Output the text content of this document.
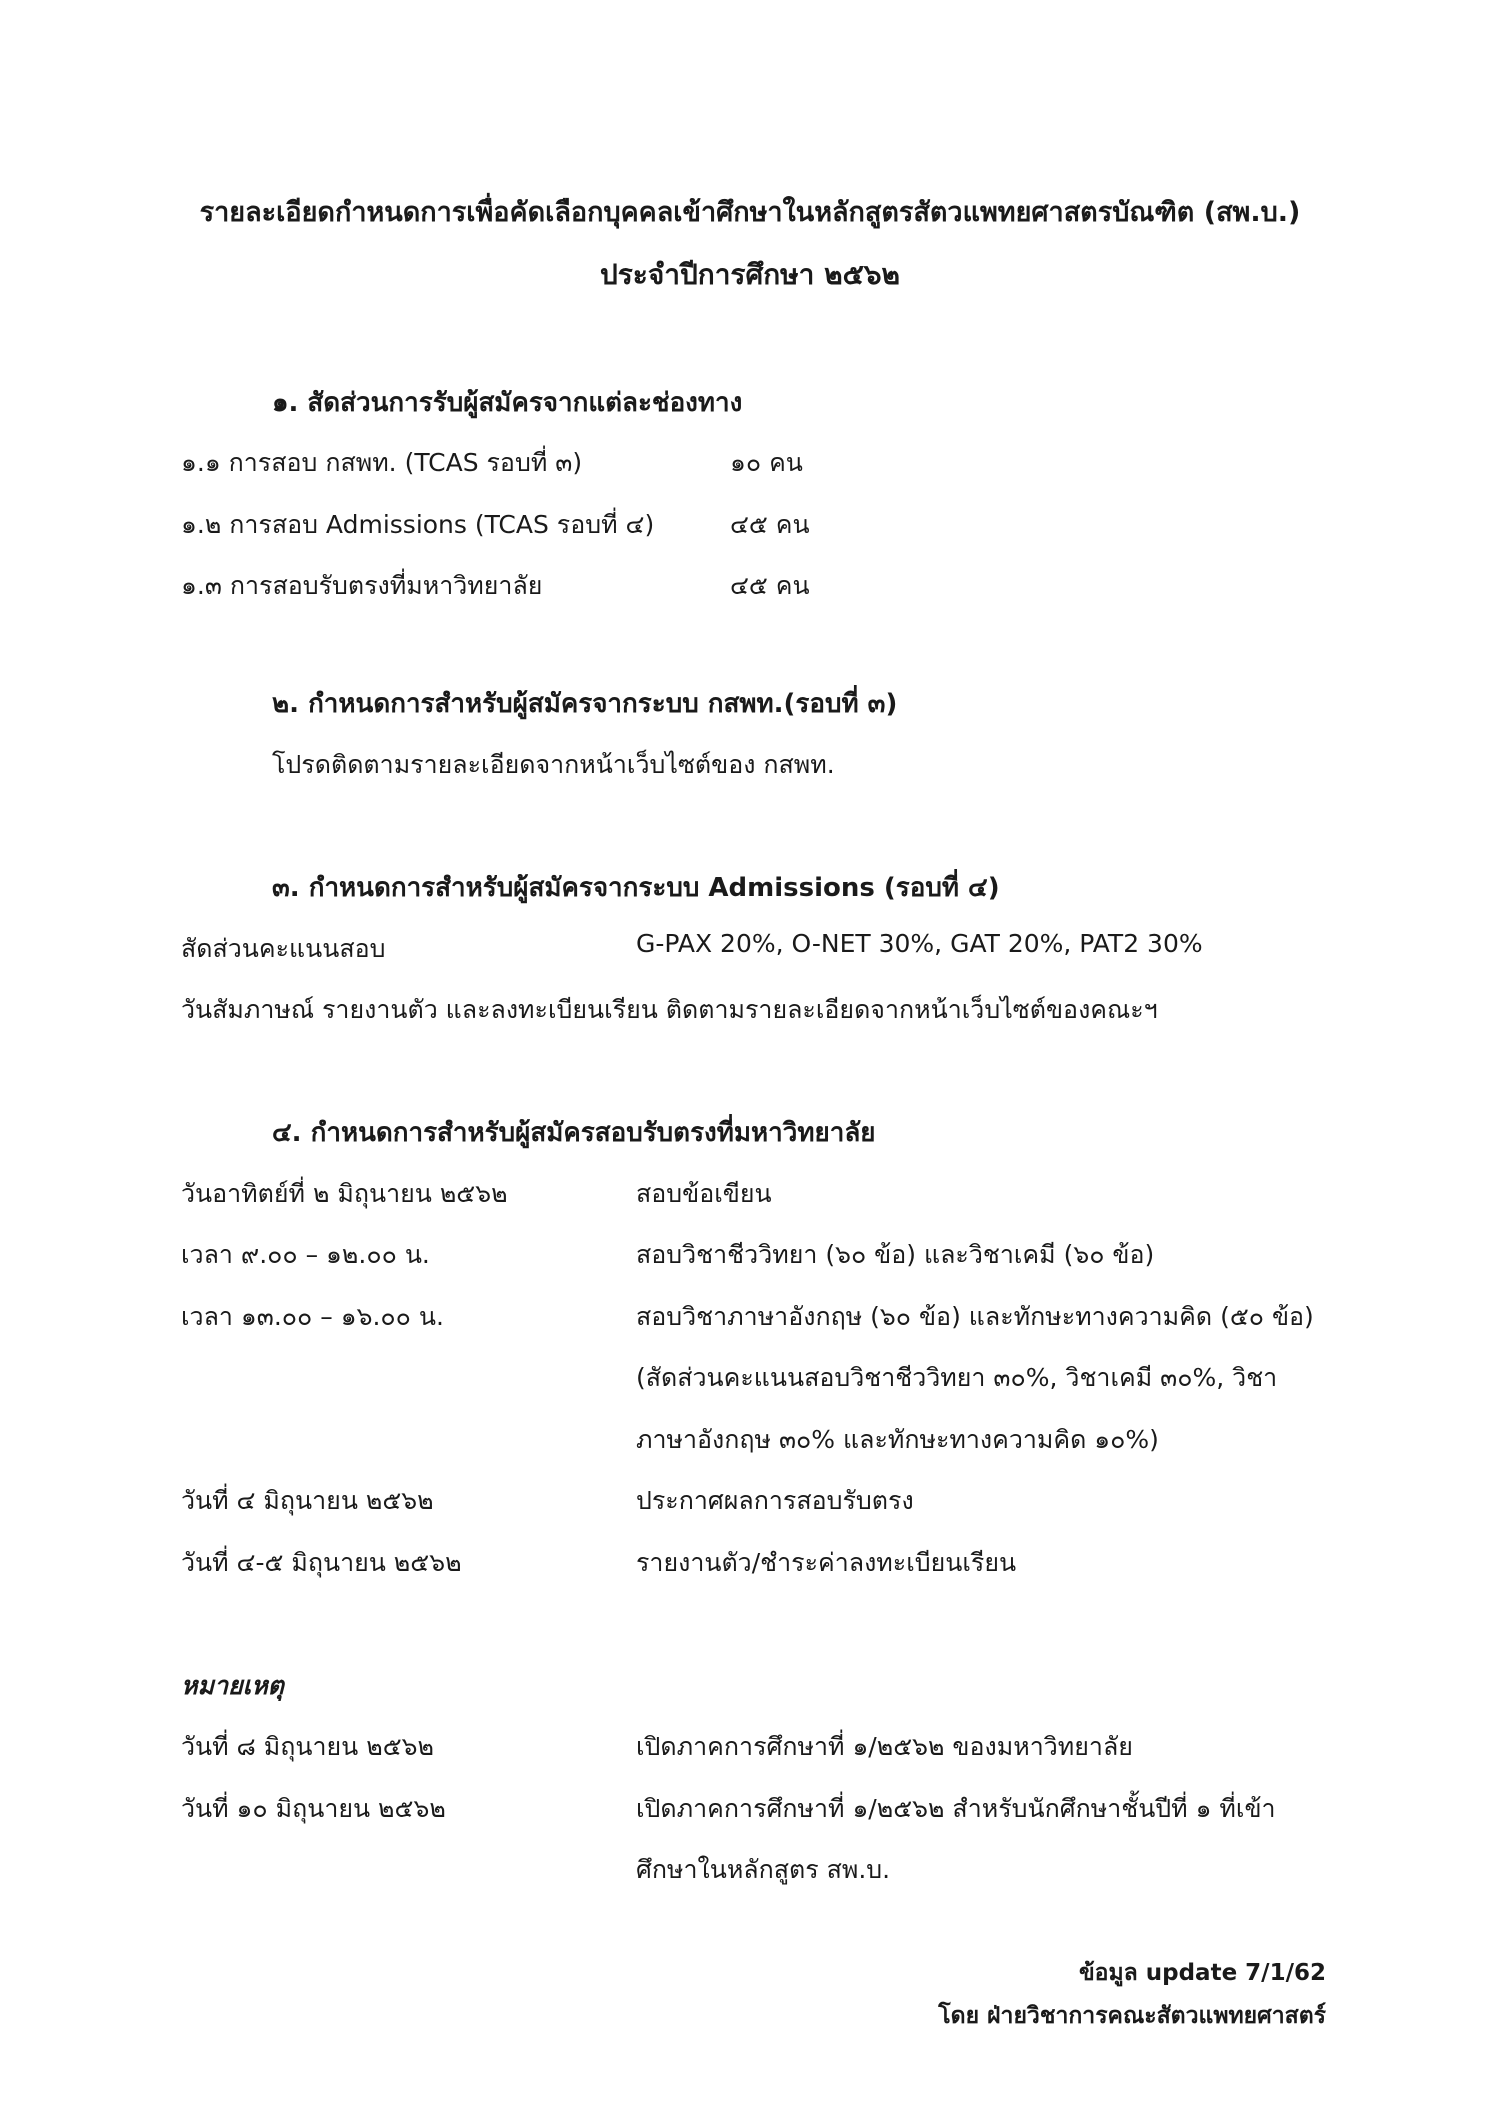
รายละเอียดกำหนดการเพื่อคัดเลือกบุคคลเข้าศึกษาในหลักสูตรสัตวแพทยศาสตรบัณฑิต (สพ.บ.)
ประจำปีการศึกษา ๒๕๖๒
๑. สัดส่วนการรับผู้สมัครจากแต่ละช่องทาง
๑.๑ การสอบ กสพท. (TCAS รอบที่ ๓)	๑๐ คน
๑.๒ การสอบ Admissions (TCAS รอบที่ ๔)	๔๕ คน
๑.๓ การสอบรับตรงที่มหาวิทยาลัย	๔๕ คน
๒. กำหนดการสำหรับผู้สมัครจากระบบ กสพท.(รอบที่ ๓)
โปรดติดตามรายละเอียดจากหน้าเว็บไซต์ของ กสพท.
๓. กำหนดการสำหรับผู้สมัครจากระบบ Admissions (รอบที่ ๔)
สัดส่วนคะแนนสอบ	G-PAX 20%, O-NET 30%, GAT 20%, PAT2 30%
วันสัมภาษณ์ รายงานตัว และลงทะเบียนเรียน ติดตามรายละเอียดจากหน้าเว็บไซต์ของคณะฯ
๔. กำหนดการสำหรับผู้สมัครสอบรับตรงที่มหาวิทยาลัย
วันอาทิตย์ที่ ๒ มิถุนายน ๒๕๖๒	สอบข้อเขียน
เวลา ๙.๐๐ – ๑๒.๐๐ น.	สอบวิชาชีววิทยา (๖๐ ข้อ) และวิชาเคมี (๖๐ ข้อ)
เวลา ๑๓.๐๐ – ๑๖.๐๐ น.	สอบวิชาภาษาอังกฤษ (๖๐ ข้อ) และทักษะทางความคิด (๕๐ ข้อ)
(สัดส่วนคะแนนสอบวิชาชีววิทยา ๓๐%, วิชาเคมี ๓๐%, วิชา
ภาษาอังกฤษ ๓๐% และทักษะทางความคิด ๑๐%)
วันที่ ๔ มิถุนายน ๒๕๖๒	ประกาศผลการสอบรับตรง
วันที่ ๔-๕ มิถุนายน ๒๕๖๒	รายงานตัว/ชำระค่าลงทะเบียนเรียน
หมายเหตุ
วันที่ ๘ มิถุนายน ๒๕๖๒	เปิดภาคการศึกษาที่ ๑/๒๕๖๒ ของมหาวิทยาลัย
วันที่ ๑๐ มิถุนายน ๒๕๖๒	เปิดภาคการศึกษาที่ ๑/๒๕๖๒ สำหรับนักศึกษาชั้นปีที่ ๑ ที่เข้า
ศึกษาในหลักสูตร สพ.บ.
ข้อมูล update 7/1/62
โดย ฝ่ายวิชาการคณะสัตวแพทยศาสตร์
